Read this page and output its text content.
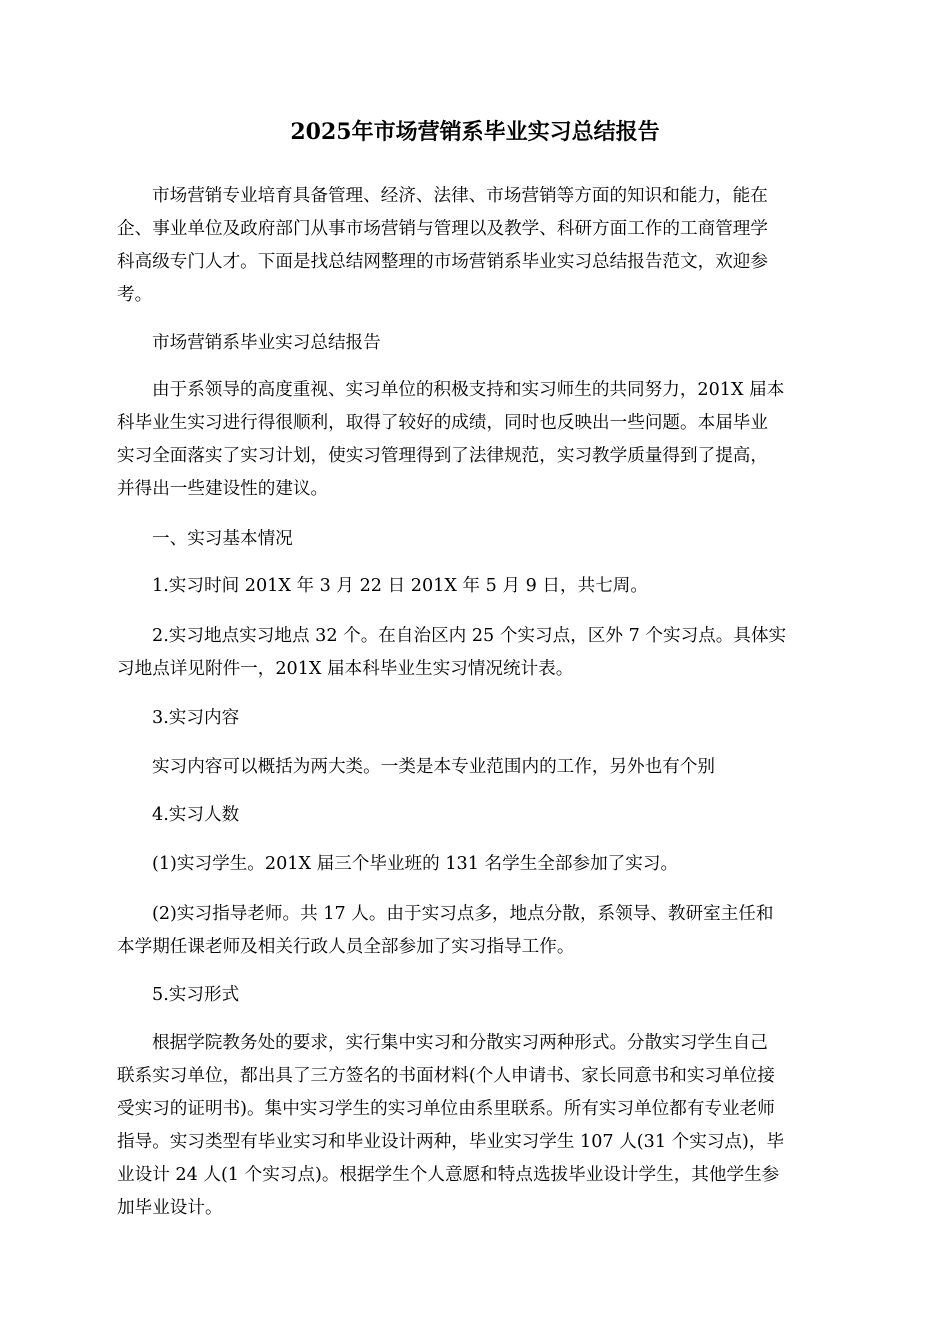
2025年市场营销系毕业实习总结报告

市场营销专业培育具备管理、经济、法律、市场营销等方面的知识和能力，能在
企、事业单位及政府部门从事市场营销与管理以及教学、科研方面工作的工商管理学
科高级专门人才。下面是找总结网整理的市场营销系毕业实习总结报告范文，欢迎参
考。

市场营销系毕业实习总结报告

由于系领导的高度重视、实习单位的积极支持和实习师生的共同努力，201X 届本
科毕业生实习进行得很顺利，取得了较好的成绩，同时也反映出一些问题。本届毕业
实习全面落实了实习计划，使实习管理得到了法律规范，实习教学质量得到了提高，
并得出一些建设性的建议。

一、实习基本情况

1.实习时间 201X 年 3 月 22 日 201X 年 5 月 9 日，共七周。

2.实习地点实习地点 32 个。在自治区内 25 个实习点，区外 7 个实习点。具体实
习地点详见附件一，201X 届本科毕业生实习情况统计表。

3.实习内容

实习内容可以概括为两大类。一类是本专业范围内的工作，另外也有个别

4.实习人数

(1)实习学生。201X 届三个毕业班的 131 名学生全部参加了实习。

(2)实习指导老师。共 17 人。由于实习点多，地点分散，系领导、教研室主任和
本学期任课老师及相关行政人员全部参加了实习指导工作。

5.实习形式

根据学院教务处的要求，实行集中实习和分散实习两种形式。分散实习学生自己
联系实习单位，都出具了三方签名的书面材料(个人申请书、家长同意书和实习单位接
受实习的证明书)。集中实习学生的实习单位由系里联系。所有实习单位都有专业老师
指导。实习类型有毕业实习和毕业设计两种，毕业实习学生 107 人(31 个实习点)，毕
业设计 24 人(1 个实习点)。根据学生个人意愿和特点选拔毕业设计学生，其他学生参
加毕业设计。
